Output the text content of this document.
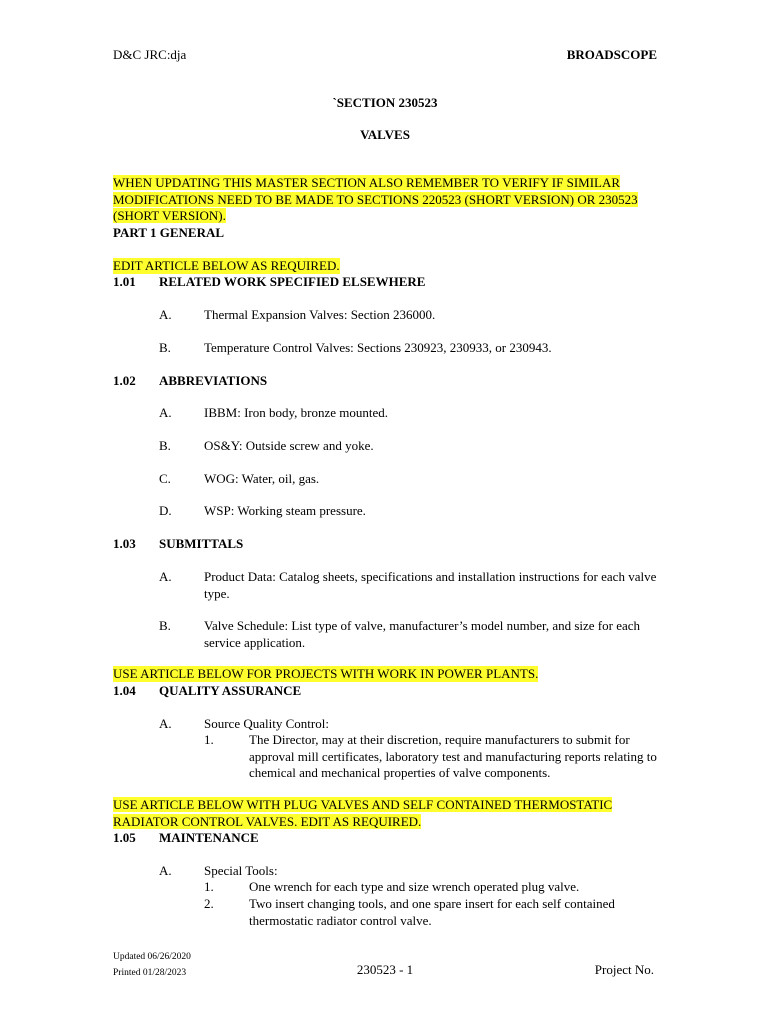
D&C JRC:dja	BROADSCOPE
`SECTION 230523
VALVES
WHEN UPDATING THIS MASTER SECTION ALSO REMEMBER TO VERIFY IF SIMILAR MODIFICATIONS NEED TO BE MADE TO SECTIONS 220523 (SHORT VERSION) OR 230523 (SHORT VERSION).
PART 1 GENERAL
EDIT ARTICLE BELOW AS REQUIRED.
1.01 RELATED WORK SPECIFIED ELSEWHERE
A. Thermal Expansion Valves: Section 236000.
B.	Temperature Control Valves: Sections 230923, 230933, or 230943.
1.02 ABBREVIATIONS
A. IBBM: Iron body, bronze mounted.
B.	OS&Y: Outside screw and yoke.
C.	WOG: Water, oil, gas.
D. WSP: Working steam pressure.
1.03 SUBMITTALS
A. Product Data: Catalog sheets, specifications and installation instructions for each valve type.
B.	Valve Schedule: List type of valve, manufacturer’s model number, and size for each service application.
USE ARTICLE BELOW FOR PROJECTS WITH WORK IN POWER PLANTS.
1.04 QUALITY ASSURANCE
A. Source Quality Control:
1.	The Director, may at their discretion, require manufacturers to submit for approval mill certificates, laboratory test and manufacturing reports relating to chemical and mechanical properties of valve components.
USE ARTICLE BELOW WITH PLUG VALVES AND SELF CONTAINED THERMOSTATIC RADIATOR CONTROL VALVES. EDIT AS REQUIRED.
1.05 MAINTENANCE
A. Special Tools:
1.	One wrench for each type and size wrench operated plug valve.
2.	Two insert changing tools, and one spare insert for each self contained thermostatic radiator control valve.
Updated 06/26/2020
Printed 01/28/2023	230523 - 1	Project No.
